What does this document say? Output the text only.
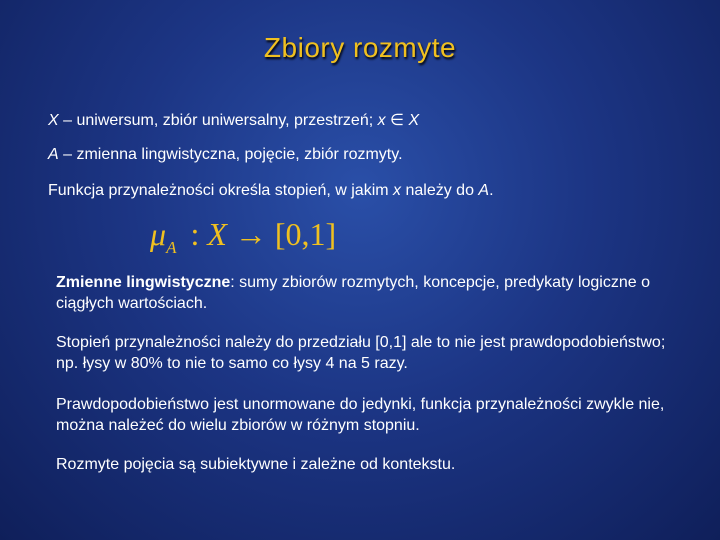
Zbiory rozmyte
X – uniwersum, zbiór uniwersalny, przestrzeń; x ∈ X
A – zmienna lingwistyczna, pojęcie, zbiór rozmyty.
Funkcja przynależności określa stopień, w jakim x należy do A.
$\mu_A$ : X → [0,1]
Zmienne lingwistyczne: sumy zbiorów rozmytych, koncepcje, predykaty logiczne o ciągłych wartościach.
Stopień przynależności należy do przedziału [0,1] ale to nie jest prawdopodobieństwo; np. łysy w 80% to nie to samo co łysy 4 na 5 razy.
Prawdopodobieństwo jest unormowane do jedynki, funkcja przynależności zwykle nie, można należeć do wielu zbiorów w różnym stopniu.
Rozmyte pojęcia są subiektywne i zależne od kontekstu.
